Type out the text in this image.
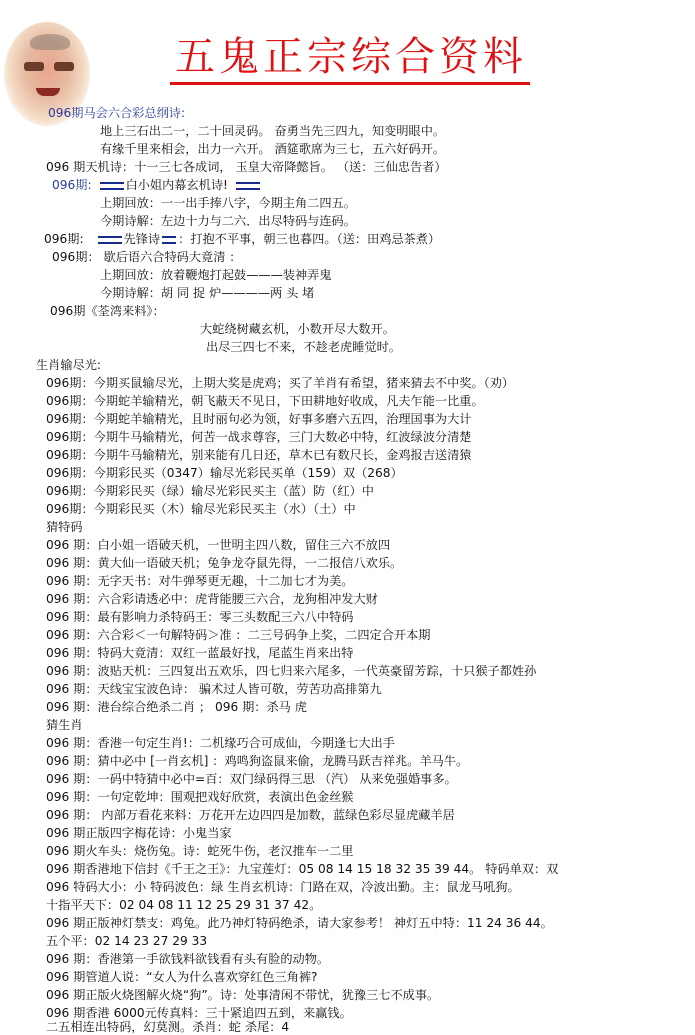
五鬼正宗综合资料
096期马会六合彩总纲诗:
地上三石出二一，二十回灵码。 奋勇当先三四九，知变明眼中。
有缘千里来相会，出力一六开。 酒筵歌席为三七，五六好码开。
096 期天机诗：十一三七各成词， 玉皇大帝降懿旨。 （送：三仙忠告者）
096期:	白小姐内幕玄机诗!
上期回放：一一出手捧八字，今期主角二四五。
今期诗解：左边十力与二六．出尽特码与连码。
096期:	先锋诗 ：打抱不平事，朝三也暮四。（送：田鸡忌茶煮）
096期： 歇后语六合特码大竟清 ：
上期回放：放着鞭炮打起鼓———装神弄鬼
今期诗解：胡 同 捉 炉————两 头 堵
096期《荃湾来料》：
大蛇绕树藏玄机，小数开尽大数开。
出尽三四七不来，不趁老虎睡觉时。
生肖输尽光:
096期：今期买鼠输尽光，上期大奖是虎鸡；买了羊肖有希望，猪来猜去不中奖。（劝）
096期：今期蛇羊输精光，朝飞蔽天不见日，下田耕地好收成，凡夫乍能一比重。
096期：今期蛇羊输精光，且时丽句必为领，好事多磨六五四，治理国事为大计
096期：今期牛马输精光，何苦一战求尊容，三门大数必中特，红波绿波分清楚
096期：今期牛马输精光，别来能有几日还，草木已有数尺长，金鸡报吉送清猿
096期：今期彩民买（0347）输尽光彩民买单（159）双（268）
096期：今期彩民买（绿）输尽光彩民买主（蓝）防（红）中
096期：今期彩民买（木）输尽光彩民买主（水）（土）中
猜特码
096 期：白小姐一语破天机，一世明主四八数，留住三六不放四
096 期：黄大仙一语破天机；兔争龙夺鼠先得，一二报信八欢乐。
096 期：无字天书：对牛弹琴更无趣，十二加七才为美。
096 期：六合彩请透必中：虎背能腰三六合，龙狗相冲发大财
096 期：最有影响力杀特码王：零三头数配三六八中特码
096 期：六合彩＜一句解特码＞准 ：二三号码争上奖，二四定合开本期
096 期：特码大竟清：双红一蓝最好找，尾蓝生肖来出特
096 期：波贴天机：三四复出五欢乐，四七归来六尾多，一代英豪留芳踪，十只猴子都姓孙
096 期：天线宝宝波色诗： 骗术过人皆可敬，劳苦功高排第九
096 期：港台综合绝杀二肖 ； 096 期：杀马 虎
猜生肖
096 期：香港一句定生肖!：二机缘巧合可成仙，今期逢七大出手
096 期：猜中必中 [一肖玄机] ：鸡鸣狗盗鼠来偷，龙腾马跃吉祥兆。羊马牛。
096 期：一码中特猜中必中=百：双门绿码得三思 （汽） 从来免强婚事多。
096 期：一句定乾坤：围观把戏好欣赏，表演出色金丝猴
096 期： 内部万看花来料：万花开左边四四是加数，蓝绿色彩尽显虎藏羊居
096 期正版四字梅花诗：小鬼当家
096 期火车头：烧伤兔。诗：蛇死牛伤，老汉推车一二里
096 期香港地下信封《千王之王》：九宝莲灯：05 08 14 15 18 32 35 39 44。 特码单双：双
096 特码大小：小 特码波色：绿 生肖玄机诗：门路在双，冷波出勤。主：鼠龙马吼狗。
十指平天下：02 04 08 11 12 25 29 31 37 42。
096 期正版神灯禁支：鸡兔。此乃神灯特码绝杀，请大家参考！ 神灯五中特：11 24 36 44。
五个平：02 14 23 27 29 33
096 期：香港第一手欲钱料欲钱看有头有脸的动物。
096 期管道人说：“女人为什么喜欢穿红色三角裤?
096 期正版火烧图解火烧“狗”。诗：处事清闲不带忧，犹豫三七不成事。
096 期香港 6000元传真料：三十紧追四五到，来赢钱。
二五相连出特码，幻莫测。杀肖：蛇 杀尾：4
